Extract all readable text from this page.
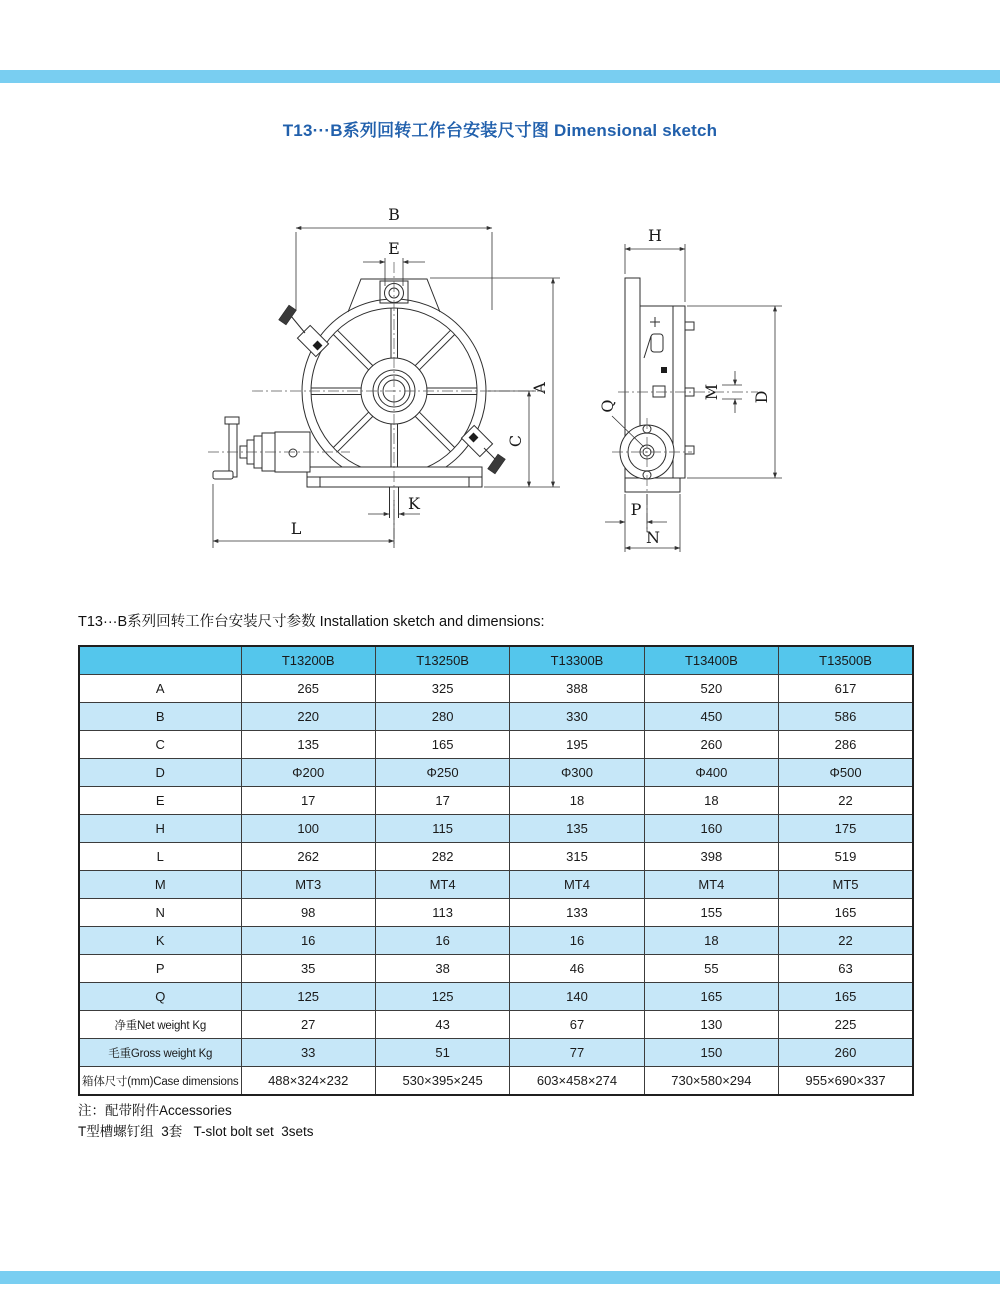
T13···B系列回转工作台安装尺寸图 Dimensional sketch
B
E
A
C
K
L
H
D
M
Q
P
N
T13···B系列回转工作台安装尺寸参数 Installation sketch and dimensions:
	T13200B	T13250B	T13300B	T13400B	T13500B
A	265	325	388	520	617
B	220	280	330	450	586
C	135	165	195	260	286
D	Φ200	Φ250	Φ300	Φ400	Φ500
E	17	17	18	18	22
H	100	115	135	160	175
L	262	282	315	398	519
M	MT3	MT4	MT4	MT4	MT5
N	98	113	133	155	165
K	16	16	16	18	22
P	35	38	46	55	63
Q	125	125	140	165	165
净重Net weight Kg	27	43	67	130	225
毛重Gross weight Kg	33	51	77	150	260
箱体尺寸(mm)Case dimensions	488×324×232	530×395×245	603×458×274	730×580×294	955×690×337
注：配带附件Accessories
T型槽螺钉组  3套   T-slot bolt set  3sets
